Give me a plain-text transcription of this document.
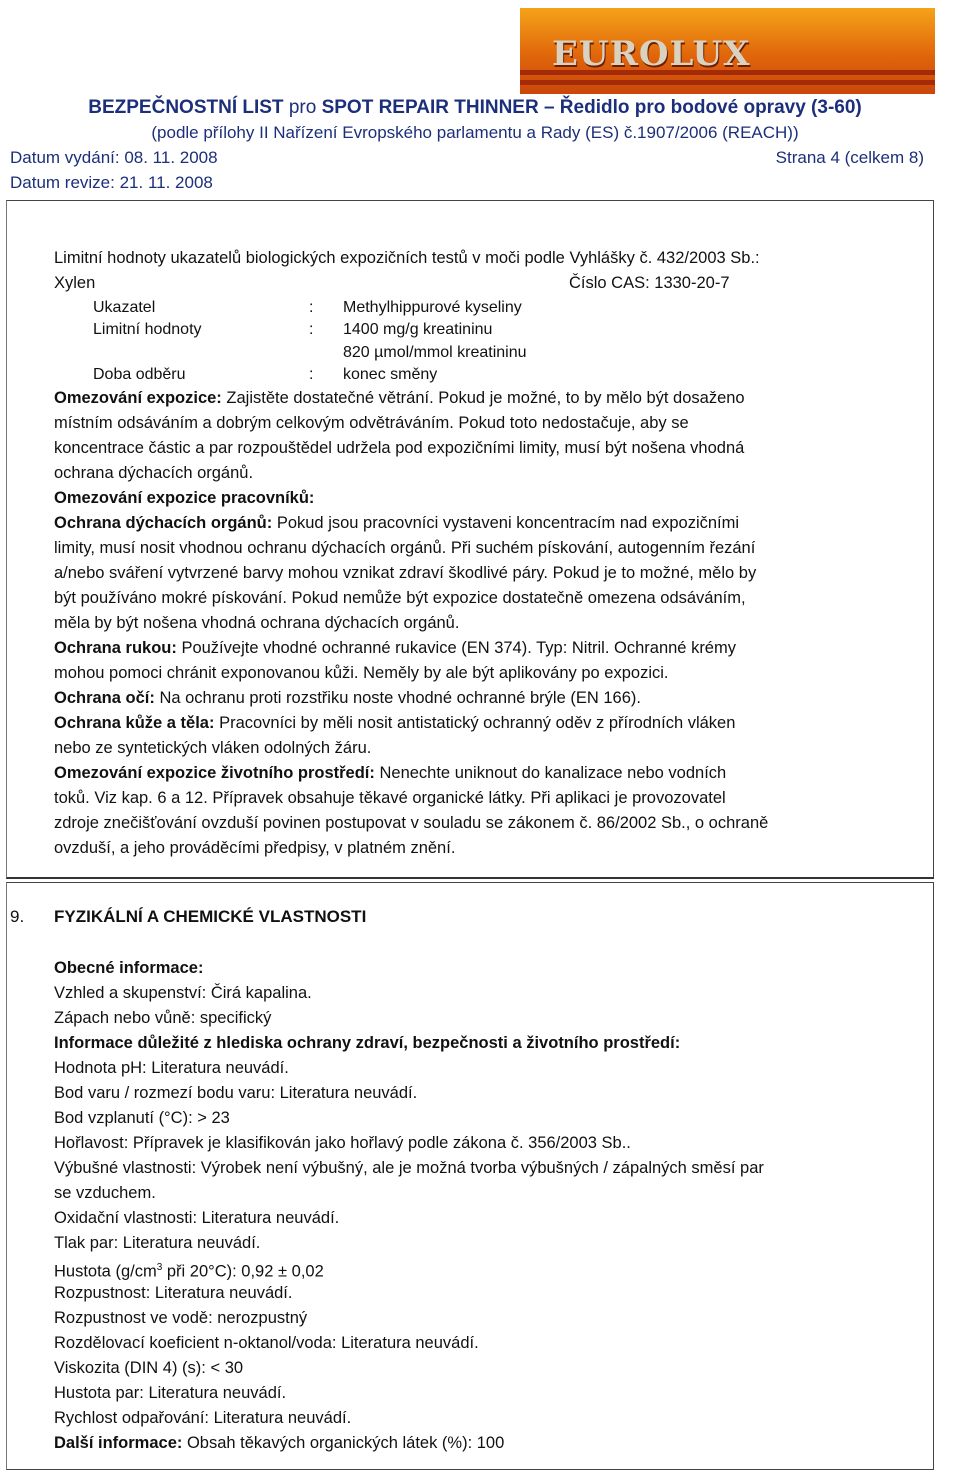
EUROLUX
BEZPEČNOSTNÍ LIST pro SPOT REPAIR THINNER – Ředidlo pro bodové opravy (3-60)
(podle přílohy II Nařízení Evropského parlamentu a Rady (ES) č.1907/2006 (REACH))
Datum vydání: 08. 11. 2008	Strana 4 (celkem 8)
Datum revize: 21. 11. 2008
Limitní hodnoty ukazatelů biologických expozičních testů v moči podle Vyhlášky č. 432/2003 Sb.:
Xylen	Číslo CAS: 1330-20-7
Ukazatel	: Methylhippurové kyseliny
Limitní hodnoty	: 1400 mg/g kreatininu
820 µmol/mmol kreatininu
Doba odběru	: konec směny
Omezování expozice: Zajistěte dostatečné větrání. Pokud je možné, to by mělo být dosaženo
místním odsáváním a dobrým celkovým odvětráváním. Pokud toto nedostačuje, aby se
koncentrace částic a par rozpouštědel udržela pod expozičními limity, musí být nošena vhodná
ochrana dýchacích orgánů.
Omezování expozice pracovníků:
Ochrana dýchacích orgánů: Pokud jsou pracovníci vystaveni koncentracím nad expozičními
limity, musí nosit vhodnou ochranu dýchacích orgánů. Při suchém pískování, autogenním řezání
a/nebo sváření vytvrzené barvy mohou vznikat zdraví škodlivé páry. Pokud je to možné, mělo by
být používáno mokré pískování. Pokud nemůže být expozice dostatečně omezena odsáváním,
měla by být nošena vhodná ochrana dýchacích orgánů.
Ochrana rukou: Používejte vhodné ochranné rukavice (EN 374). Typ: Nitril. Ochranné krémy
mohou pomoci chránit exponovanou kůži. Neměly by ale být aplikovány po expozici.
Ochrana očí: Na ochranu proti rozstřiku noste vhodné ochranné brýle (EN 166).
Ochrana kůže a těla: Pracovníci by měli nosit antistatický ochranný oděv z přírodních vláken
nebo ze syntetických vláken odolných žáru.
Omezování expozice životního prostředí: Nenechte uniknout do kanalizace nebo vodních
toků. Viz kap. 6 a 12. Přípravek obsahuje těkavé organické látky. Při aplikaci je provozovatel
zdroje znečišťování ovzduší povinen postupovat v souladu se zákonem č. 86/2002 Sb., o ochraně
ovzduší, a jeho prováděcími předpisy, v platném znění.
9. FYZIKÁLNÍ A CHEMICKÉ VLASTNOSTI
Obecné informace:
Vzhled a skupenství: Čirá kapalina.
Zápach nebo vůně: specifický
Informace důležité z hlediska ochrany zdraví, bezpečnosti a životního prostředí:
Hodnota pH: Literatura neuvádí.
Bod varu / rozmezí bodu varu: Literatura neuvádí.
Bod vzplanutí (°C): > 23
Hořlavost: Přípravek je klasifikován jako hořlavý podle zákona č. 356/2003 Sb..
Výbušné vlastnosti: Výrobek není výbušný, ale je možná tvorba výbušných / zápalných směsí par
se vzduchem.
Oxidační vlastnosti: Literatura neuvádí.
Tlak par: Literatura neuvádí.
Hustota ($g/cm^3$ při 20°C): 0,92 ± 0,02
Rozpustnost: Literatura neuvádí.
Rozpustnost ve vodě: nerozpustný
Rozdělovací koeficient n-oktanol/voda: Literatura neuvádí.
Viskozita (DIN 4) (s): < 30
Hustota par: Literatura neuvádí.
Rychlost odpařování: Literatura neuvádí.
Další informace: Obsah těkavých organických látek (%): 100
